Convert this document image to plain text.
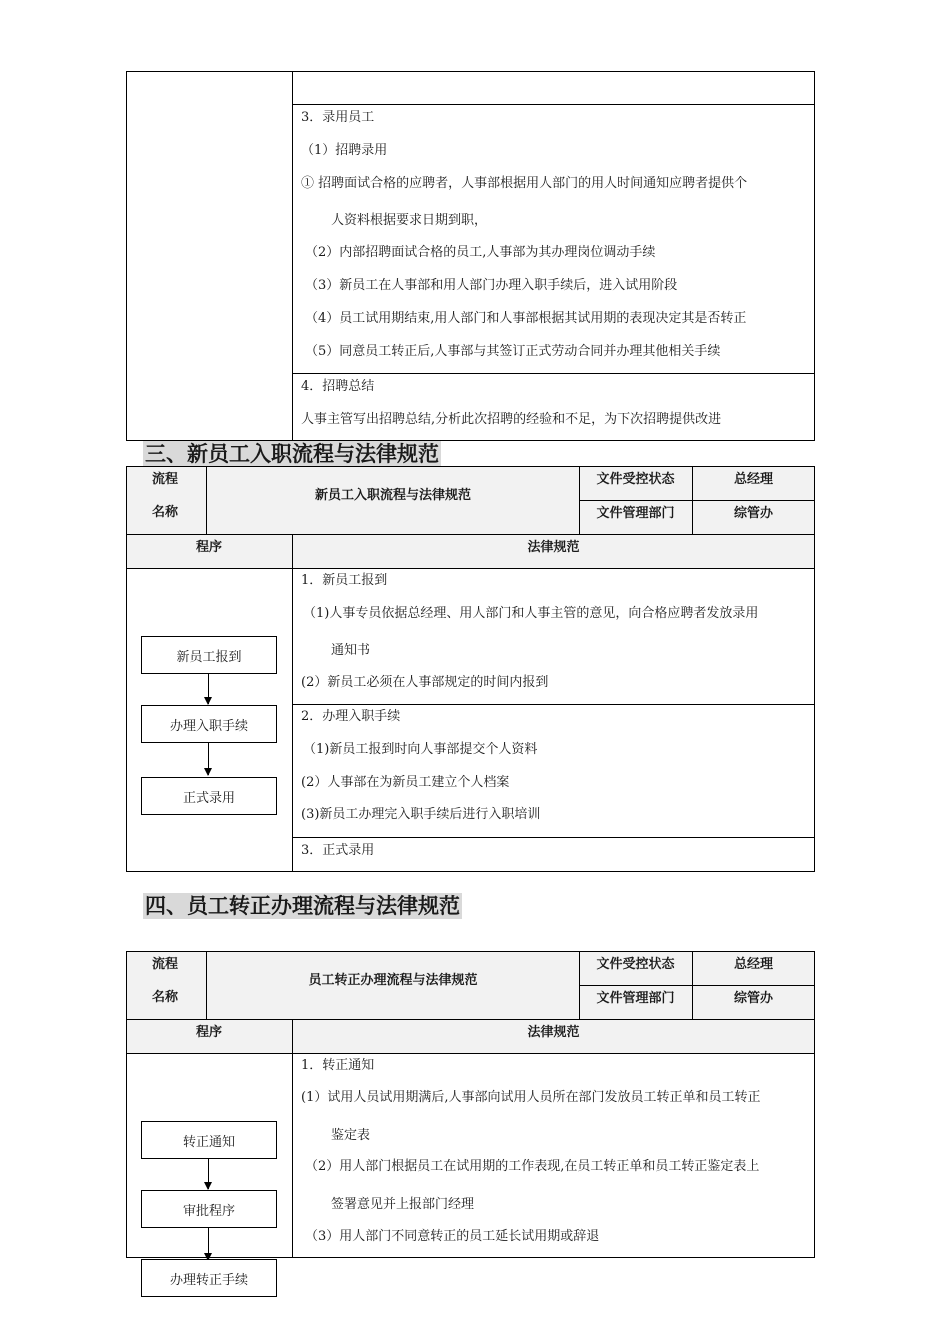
3．录用员工
（1）招聘录用
① 招聘面试合格的应聘者，人事部根据用人部门的用人时间通知应聘者提供个
人资料根据要求日期到职，
（2）内部招聘面试合格的员工,人事部为其办理岗位调动手续
（3）新员工在人事部和用人部门办理入职手续后，进入试用阶段
（4）员工试用期结束,用人部门和人事部根据其试用期的表现决定其是否转正
（5）同意员工转正后,人事部与其签订正式劳动合同并办理其他相关手续
4．招聘总结
人事主管写出招聘总结,分析此次招聘的经验和不足，为下次招聘提供改进
三、新员工入职流程与法律规范
流程
名称
新员工入职流程与法律规范
文件受控状态	总经理
文件管理部门	综管办
程序	法律规范
新员工报到
办理入职手续
正式录用
1．新员工报到
（1)人事专员依据总经理、用人部门和人事主管的意见，向合格应聘者发放录用
通知书
(2）新员工必须在人事部规定的时间内报到
2．办理入职手续
（1)新员工报到时向人事部提交个人资料
(2）人事部在为新员工建立个人档案
(3)新员工办理完入职手续后进行入职培训
3．正式录用
四、员工转正办理流程与法律规范
流程
名称
员工转正办理流程与法律规范
文件受控状态	总经理
文件管理部门	综管办
程序	法律规范
转正通知
审批程序
办理转正手续
1．转正通知
(1）试用人员试用期满后,人事部向试用人员所在部门发放员工转正单和员工转正
鉴定表
（2）用人部门根据员工在试用期的工作表现,在员工转正单和员工转正鉴定表上
签署意见并上报部门经理
（3）用人部门不同意转正的员工延长试用期或辞退
